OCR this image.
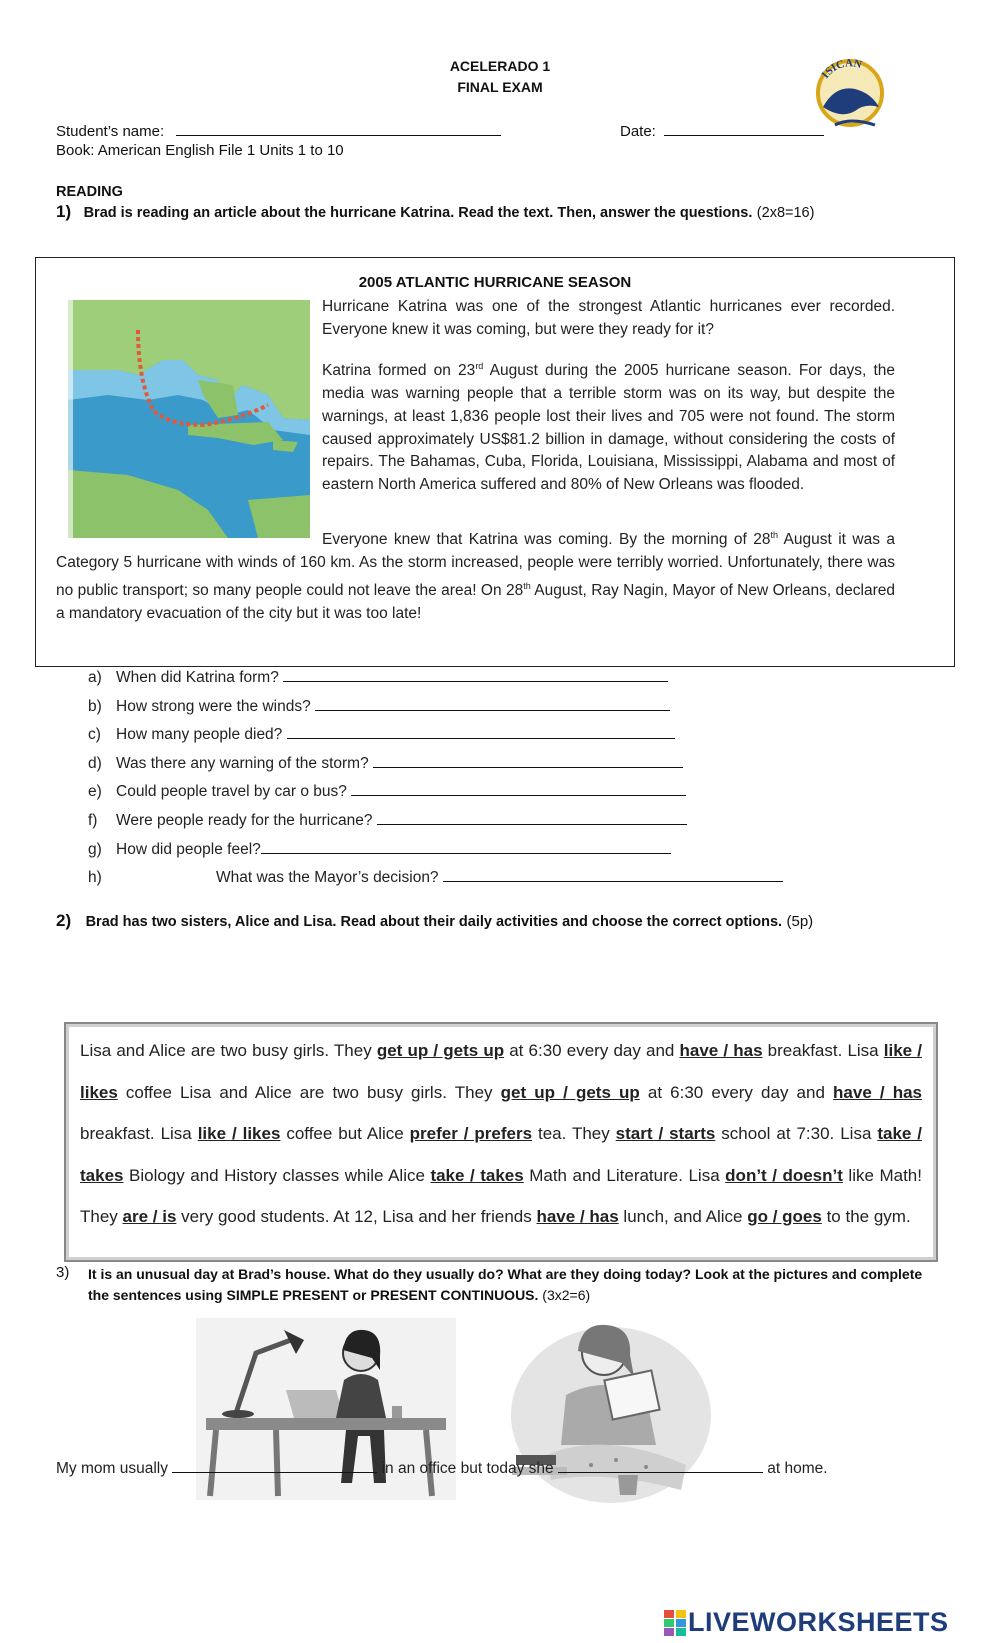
ACELERADO 1
FINAL EXAM
ISICAN
Student’s name:	Date:
Book: American English File 1 Units 1 to 10
READING
1) Brad is reading an article about the hurricane Katrina. Read the text. Then, answer the questions. (2x8=16)
2005 ATLANTIC HURRICANE SEASON
Hurricane Katrina was one of the strongest Atlantic hurricanes ever recorded. Everyone knew it was coming, but were they ready for it?
Katrina formed on 23rd August during the 2005 hurricane season. For days, the media was warning people that a terrible storm was on its way, but despite the warnings, at least 1,836 people lost their lives and 705 were not found. The storm caused approximately US$81.2 billion in damage, without considering the costs of repairs. The Bahamas, Cuba, Florida, Louisiana, Mississippi, Alabama and most of eastern North America suffered and 80% of New Orleans was flooded.
Everyone knew that Katrina was coming. By the morning of 28th August it was a Category 5 hurricane with winds of 160 km. As the storm increased, people were terribly worried. Unfortunately, there was no public transport; so many people could not leave the area! On 28th August, Ray Nagin, Mayor of New Orleans, declared a mandatory evacuation of the city but it was too late!
a) When did Katrina form?
b) How strong were the winds?
c) How many people died?
d) Was there any warning of the storm?
e) Could people travel by car o bus?
f) Were people ready for the hurricane?
g) How did people feel?
h)	What was the Mayor’s decision?
2) Brad has two sisters, Alice and Lisa. Read about their daily activities and choose the correct options. (5p)
Lisa and Alice are two busy girls. They get up / gets up at 6:30 every day and have / has breakfast. Lisa like / likes coffee Lisa and Alice are two busy girls. They get up / gets up at 6:30 every day and have / has breakfast. Lisa like / likes coffee but Alice prefer / prefers tea. They start / starts school at 7:30. Lisa take / takes Biology and History classes while Alice take / takes Math and Literature. Lisa don’t / doesn’t like Math! They are / is very good students. At 12, Lisa and her friends have / has lunch, and Alice go / goes to the gym.
3) It is an unusual day at Brad’s house. What do they usually do? What are they doing today? Look at the pictures and complete the sentences using SIMPLE PRESENT or PRESENT CONTINUOUS. (3x2=6)
My mom usually	in an office but today she	at home.
LIVEWORKSHEETS
